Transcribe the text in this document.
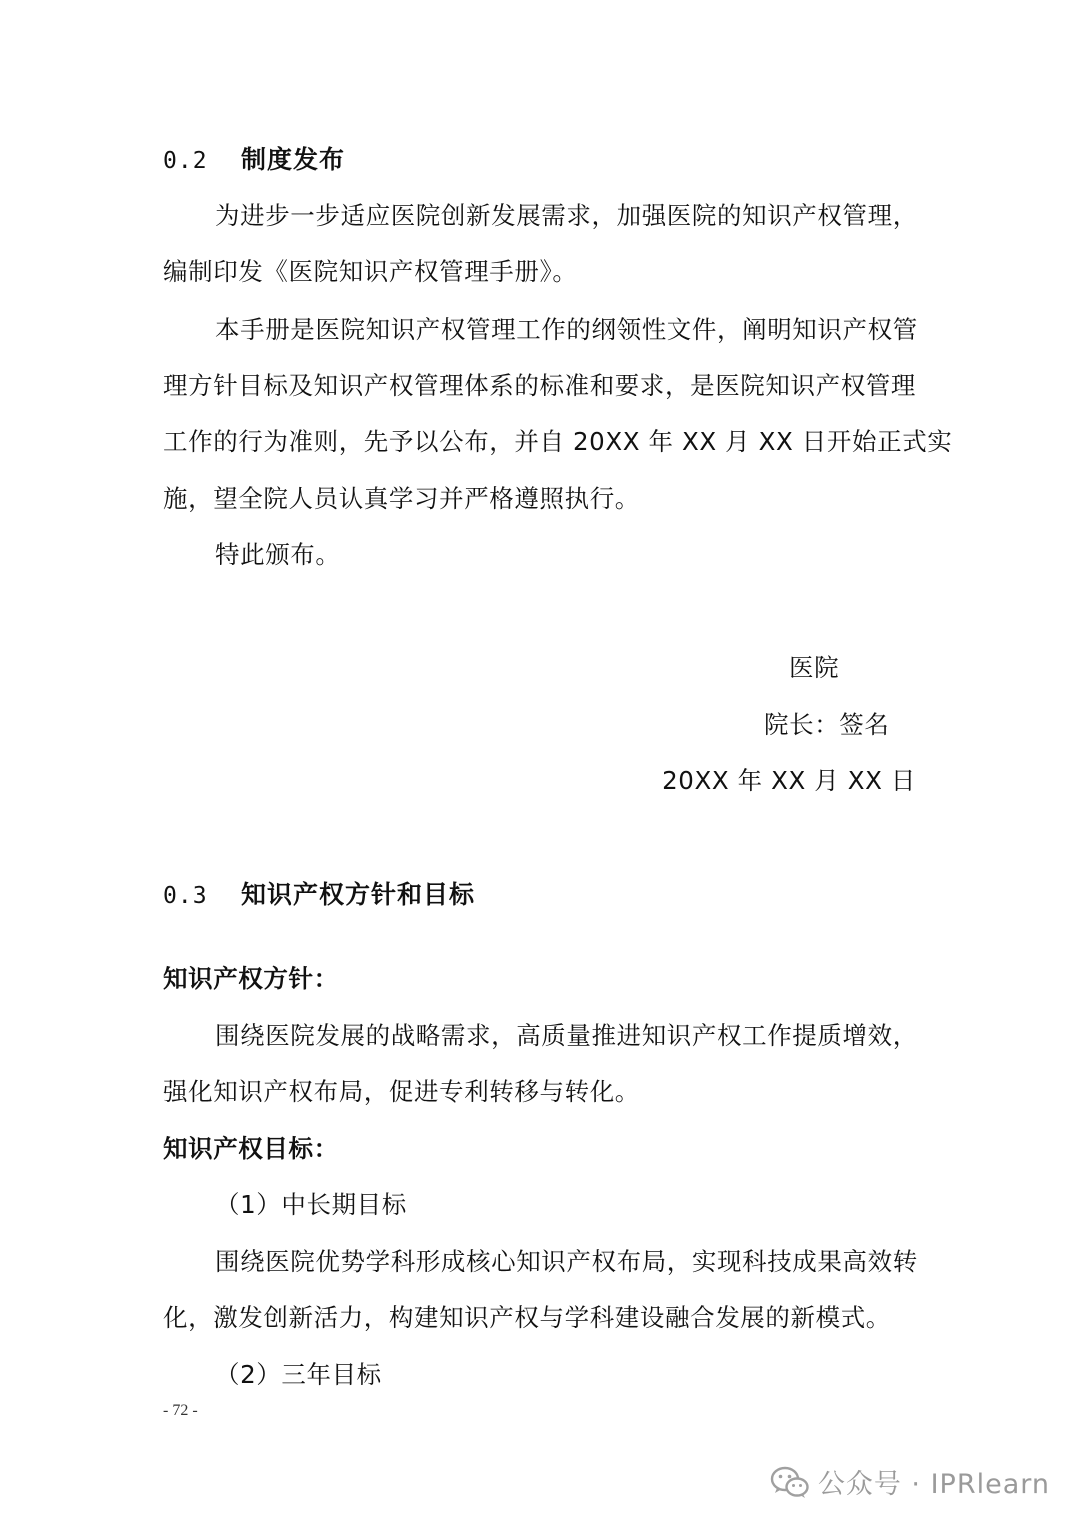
0.2 制度发布
为进步一步适应医院创新发展需求，加强医院的知识产权管理，
编制印发《医院知识产权管理手册》。
本手册是医院知识产权管理工作的纲领性文件，阐明知识产权管
理方针目标及知识产权管理体系的标准和要求，是医院知识产权管理
工作的行为准则，先予以公布，并自 20XX 年 XX 月 XX 日开始正式实
施，望全院人员认真学习并严格遵照执行。
特此颁布。
医院
院长：签名
20XX 年 XX 月 XX 日
0.3 知识产权方针和目标
知识产权方针：
围绕医院发展的战略需求，高质量推进知识产权工作提质增效，
强化知识产权布局，促进专利转移与转化。
知识产权目标：
（1）中长期目标
围绕医院优势学科形成核心知识产权布局，实现科技成果高效转
化，激发创新活力，构建知识产权与学科建设融合发展的新模式。
（2）三年目标
- 72 -
公众号 · IPRlearn
